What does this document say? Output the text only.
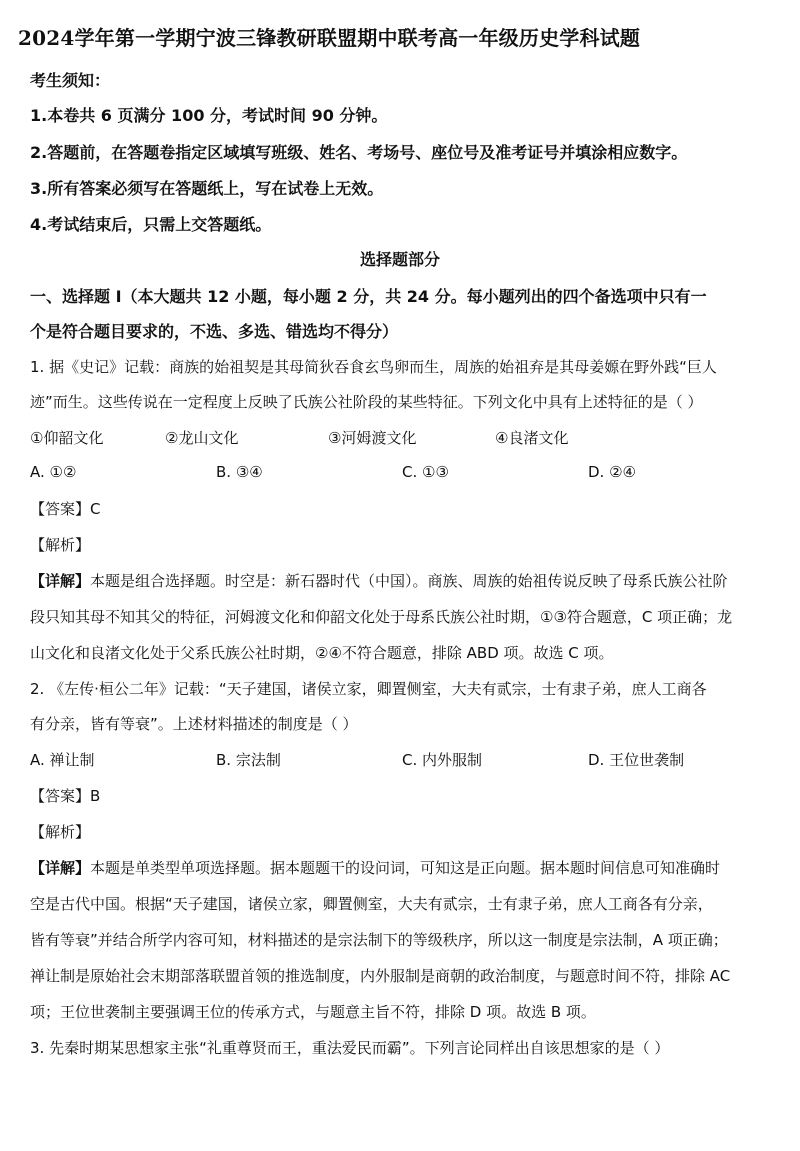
2024学年第一学期宁波三锋教研联盟期中联考高一年级历史学科试题
考生须知：
1.本卷共 6 页满分 100 分，考试时间 90 分钟。
2.答题前，在答题卷指定区域填写班级、姓名、考场号、座位号及准考证号并填涂相应数字。
3.所有答案必须写在答题纸上，写在试卷上无效。
4.考试结束后，只需上交答题纸。
选择题部分
一、选择题 I（本大题共 12 小题，每小题 2 分，共 24 分。每小题列出的四个备选项中只有一
个是符合题目要求的，不选、多选、错选均不得分）
1. 据《史记》记载：商族的始祖契是其母简狄吞食玄鸟卵而生，周族的始祖弃是其母姜嫄在野外践“巨人
迹”而生。这些传说在一定程度上反映了氏族公社阶段的某些特征。下列文化中具有上述特征的是（ ）
①仰韶文化	②龙山文化	③河姆渡文化	④良渚文化
A. ①②	B. ③④	C. ①③	D. ②④
【答案】C
【解析】
【详解】本题是组合选择题。时空是：新石器时代（中国）。商族、周族的始祖传说反映了母系氏族公社阶
段只知其母不知其父的特征，河姆渡文化和仰韶文化处于母系氏族公社时期，①③符合题意，C 项正确；龙
山文化和良渚文化处于父系氏族公社时期，②④不符合题意，排除 ABD 项。故选 C 项。
2. 《左传·桓公二年》记载：“天子建国，诸侯立家，卿置侧室，大夫有贰宗，士有隶子弟，庶人工商各
有分亲，皆有等衰”。上述材料描述的制度是（ ）
A. 禅让制	B. 宗法制	C. 内外服制	D. 王位世袭制
【答案】B
【解析】
【详解】本题是单类型单项选择题。据本题题干的设问词，可知这是正向题。据本题时间信息可知准确时
空是古代中国。根据“天子建国，诸侯立家，卿置侧室，大夫有贰宗，士有隶子弟，庶人工商各有分亲，
皆有等衰”并结合所学内容可知，材料描述的是宗法制下的等级秩序，所以这一制度是宗法制，A 项正确；
禅让制是原始社会末期部落联盟首领的推选制度，内外服制是商朝的政治制度，与题意时间不符，排除 AC
项；王位世袭制主要强调王位的传承方式，与题意主旨不符，排除 D 项。故选 B 项。
3. 先秦时期某思想家主张“礼重尊贤而王，重法爱民而霸”。下列言论同样出自该思想家的是（ ）
